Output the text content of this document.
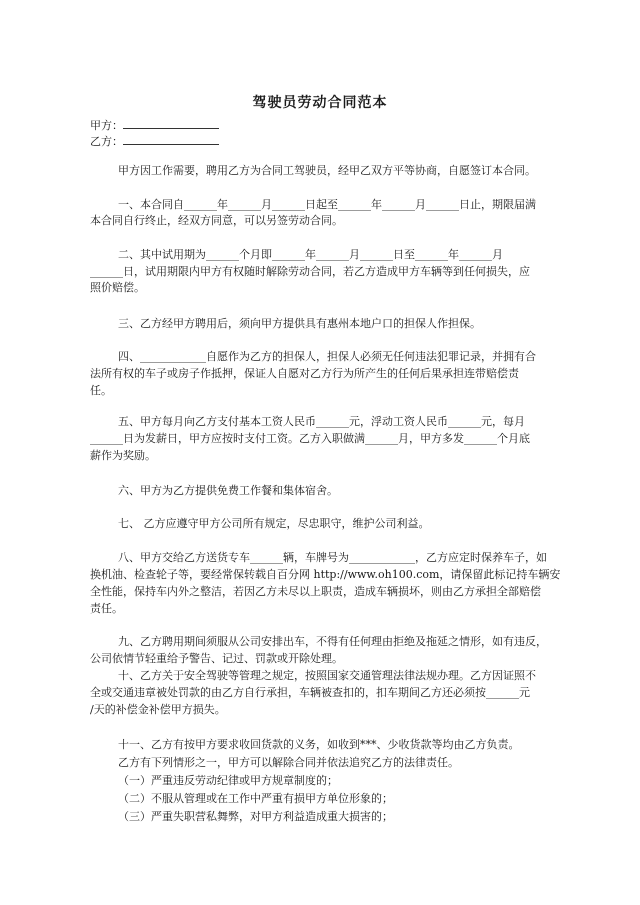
驾驶员劳动合同范本
甲方：
乙方：
甲方因工作需要，聘用乙方为合同工驾驶员，经甲乙双方平等协商，自愿签订本合同。
一、本合同自______年______月______日起至______年______月______日止，期限届满
本合同自行终止，经双方同意，可以另签劳动合同。
二、其中试用期为______个月即______年______月______日至______年______月
______日，试用期限内甲方有权随时解除劳动合同，若乙方造成甲方车辆等到任何损失，应
照价赔偿。
三、乙方经甲方聘用后，须向甲方提供具有惠州本地户口的担保人作担保。
四、____________自愿作为乙方的担保人，担保人必须无任何违法犯罪记录，并拥有合
法所有权的车子或房子作抵押，保证人自愿对乙方行为所产生的任何后果承担连带赔偿责
任。
五、甲方每月向乙方支付基本工资人民币______元，浮动工资人民币______元，每月
______日为发薪日，甲方应按时支付工资。乙方入职做满______月，甲方多发______个月底
薪作为奖励。
六、甲方为乙方提供免费工作餐和集体宿舍。
七、 乙方应遵守甲方公司所有规定，尽忠职守，维护公司利益。
八、甲方交给乙方送货专车______辆，车牌号为____________，乙方应定时保养车子，如
换机油、检查轮子等，要经常保转载自百分网 http://www.oh100.com，请保留此标记持车辆安
全性能，保持车内外之整洁，若因乙方未尽以上职责，造成车辆损坏，则由乙方承担全部赔偿
责任。
九、乙方聘用期间须服从公司安排出车，不得有任何理由拒绝及拖延之情形，如有违反，
公司依情节轻重给予警告、记过、罚款或开除处理。
十、乙方关于安全驾驶等管理之规定，按照国家交通管理法律法规办理。乙方因证照不
全或交通违章被处罚款的由乙方自行承担，车辆被查扣的，扣车期间乙方还必须按______元
/天的补偿金补偿甲方损失。
十一、乙方有按甲方要求收回货款的义务，如收到***、少收货款等均由乙方负责。
乙方有下列情形之一，甲方可以解除合同并依法追究乙方的法律责任。
（一）严重违反劳动纪律或甲方规章制度的；
（二）不服从管理或在工作中严重有损甲方单位形象的；
（三）严重失职营私舞弊，对甲方利益造成重大损害的；
